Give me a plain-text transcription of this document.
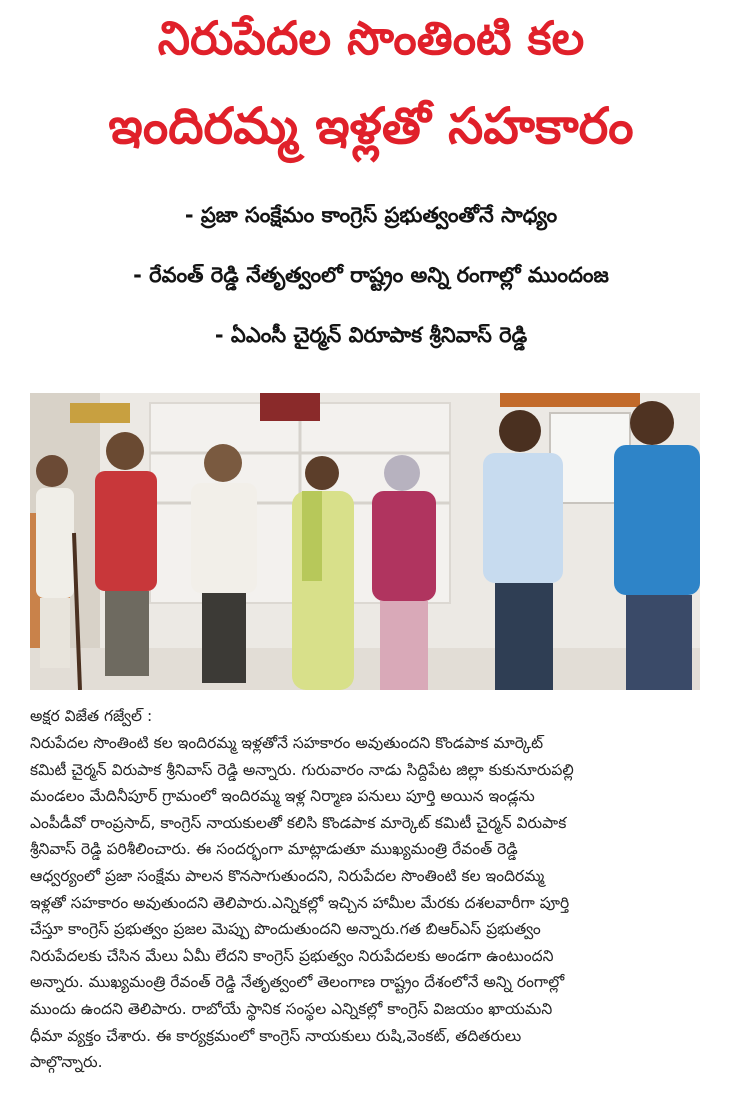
నిరుపేదల సొంతింటి కల
ఇందిరమ్మ ఇళ్లతో సహకారం
- ప్రజా సంక్షేమం కాంగ్రెస్ ప్రభుత్వంతోనే సాధ్యం
- రేవంత్ రెడ్డి నేతృత్వంలో రాష్ట్రం అన్ని రంగాల్లో ముందంజ
- ఏఎంసీ చైర్మన్ విరూపాక శ్రీనివాస్ రెడ్డి
అక్షర విజేత గజ్వేల్ :
నిరుపేదల సొంతింటి కల ఇందిరమ్మ ఇళ్లతోనే సహకారం అవుతుందని కొండపాక మార్కెట్
కమిటీ చైర్మన్ విరుపాక శ్రీనివాస్ రెడ్డి అన్నారు. గురువారం నాడు సిద్దిపేట జిల్లా కుకునూరుపల్లి
మండలం మేదినీపూర్ గ్రామంలో ఇందిరమ్మ ఇళ్ల నిర్మాణ పనులు పూర్తి అయిన ఇండ్లను
ఎంపీడీవో రాంప్రసాద్, కాంగ్రెస్ నాయకులతో కలిసి కొండపాక మార్కెట్ కమిటీ చైర్మన్ విరుపాక
శ్రీనివాస్ రెడ్డి పరిశీలించారు. ఈ సందర్భంగా మాట్లాడుతూ ముఖ్యమంత్రి రేవంత్ రెడ్డి
ఆధ్వర్యంలో ప్రజా సంక్షేమ పాలన కొనసాగుతుందని, నిరుపేదల సొంతింటి కల ఇందిరమ్మ
ఇళ్లతో సహకారం అవుతుందని తెలిపారు.ఎన్నికల్లో ఇచ్చిన హామీల మేరకు దశలవారీగా పూర్తి
చేస్తూ కాంగ్రెస్ ప్రభుత్వం ప్రజల మెప్పు పొందుతుందని అన్నారు.గత బిఆర్ఎస్ ప్రభుత్వం
నిరుపేదలకు చేసిన మేలు ఏమీ లేదని కాంగ్రెస్ ప్రభుత్వం నిరుపేదలకు అండగా ఉంటుందని
అన్నారు. ముఖ్యమంత్రి రేవంత్ రెడ్డి నేతృత్వంలో తెలంగాణ రాష్ట్రం దేశంలోనే అన్ని రంగాల్లో
ముందు ఉందని తెలిపారు. రాబోయే స్థానిక సంస్థల ఎన్నికల్లో కాంగ్రెస్ విజయం ఖాయమని
ధీమా వ్యక్తం చేశారు. ఈ కార్యక్రమంలో కాంగ్రెస్ నాయకులు రుషి,వెంకట్, తదితరులు
పాల్గొన్నారు.
